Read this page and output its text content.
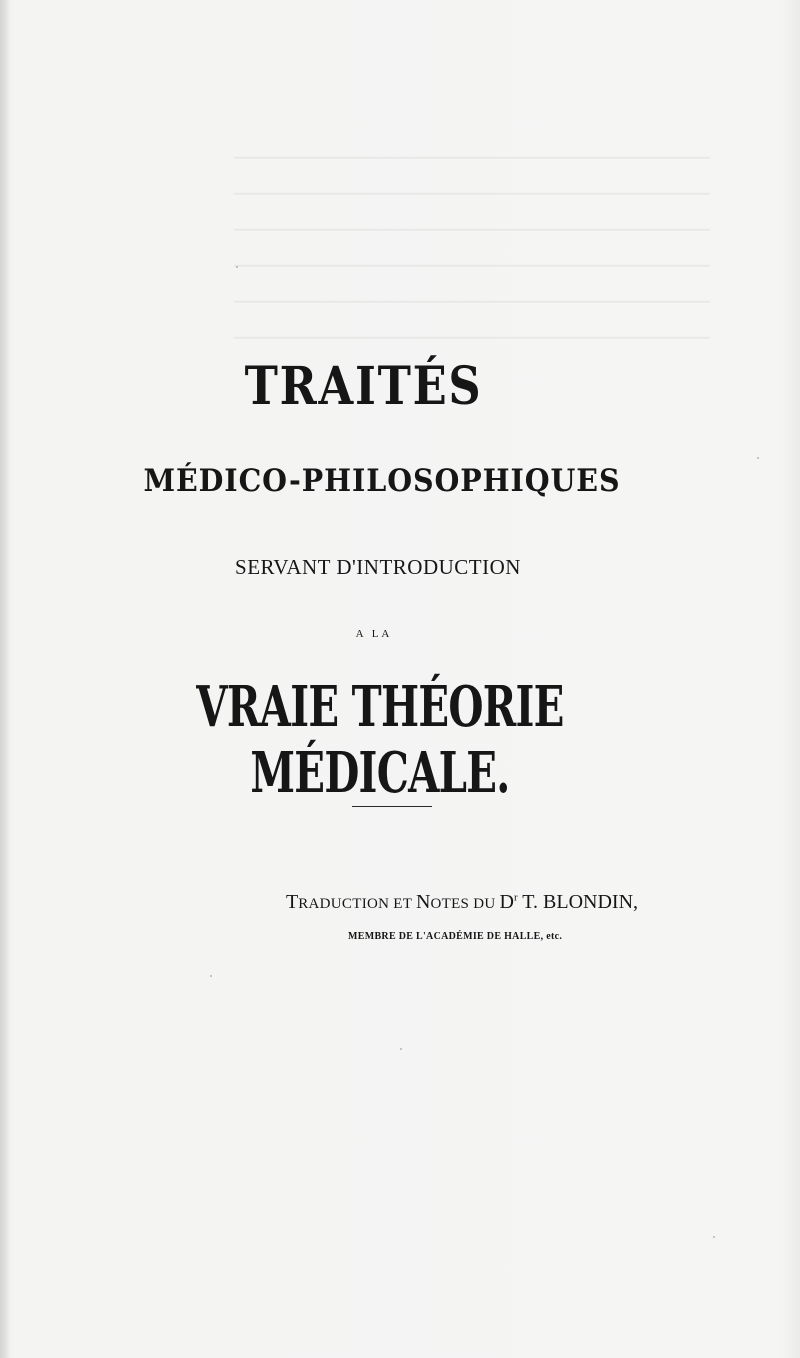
────────────────────────────
────────────────────────────
────────────────────────────
────────────────────────────
────────────────────────────
────────────────────────────
TRAITÉS
MÉDICO-PHILOSOPHIQUES
SERVANT D'INTRODUCTION
A LA
VRAIE THÉORIE MÉDICALE.
TRADUCTION ET NOTES DU $D^r$ T. BLONDIN,
MEMBRE DE L'ACADÉMIE DE HALLE, etc.
